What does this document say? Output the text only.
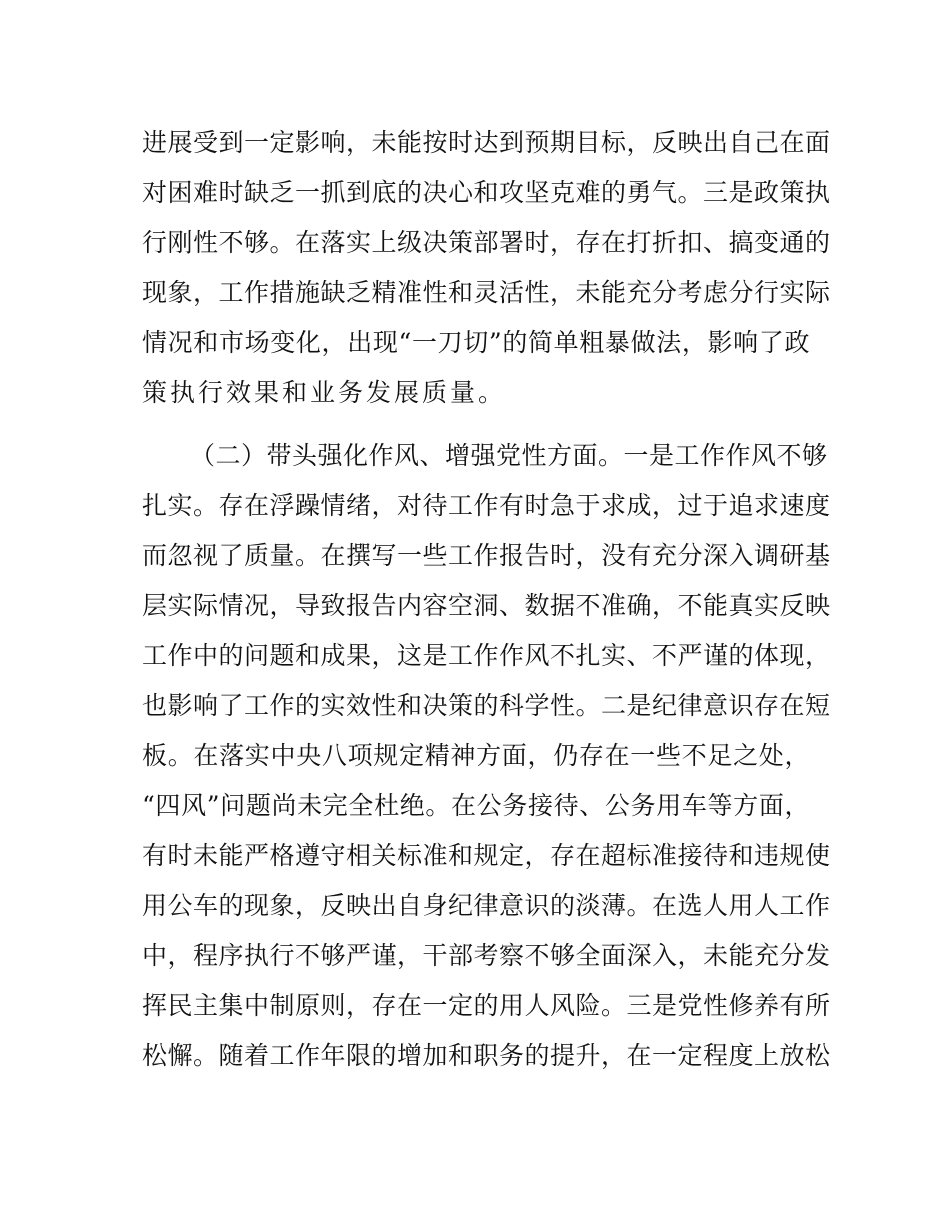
进展受到一定影响，未能按时达到预期目标，反映出自己在面

对困难时缺乏一抓到底的决心和攻坚克难的勇气。三是政策执

行刚性不够。在落实上级决策部署时，存在打折扣、搞变通的

现象，工作措施缺乏精准性和灵活性，未能充分考虑分行实际

情况和市场变化，出现“一刀切”的简单粗暴做法，影响了政

策执行效果和业务发展质量。

（二）带头强化作风、增强党性方面。一是工作作风不够

扎实。存在浮躁情绪，对待工作有时急于求成，过于追求速度

而忽视了质量。在撰写一些工作报告时，没有充分深入调研基

层实际情况，导致报告内容空洞、数据不准确，不能真实反映

工作中的问题和成果，这是工作作风不扎实、不严谨的体现，

也影响了工作的实效性和决策的科学性。二是纪律意识存在短

板。在落实中央八项规定精神方面，仍存在一些不足之处，

“四风”问题尚未完全杜绝。在公务接待、公务用车等方面，

有时未能严格遵守相关标准和规定，存在超标准接待和违规使

用公车的现象，反映出自身纪律意识的淡薄。在选人用人工作

中，程序执行不够严谨，干部考察不够全面深入，未能充分发

挥民主集中制原则，存在一定的用人风险。三是党性修养有所

松懈。随着工作年限的增加和职务的提升，在一定程度上放松
